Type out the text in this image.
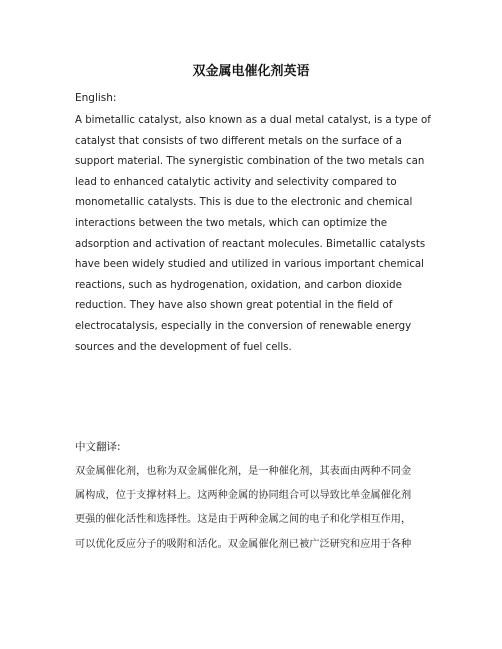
双金属电催化剂英语
English:
A bimetallic catalyst, also known as a dual metal catalyst, is a type of
catalyst that consists of two different metals on the surface of a
support material. The synergistic combination of the two metals can
lead to enhanced catalytic activity and selectivity compared to
monometallic catalysts. This is due to the electronic and chemical
interactions between the two metals, which can optimize the
adsorption and activation of reactant molecules. Bimetallic catalysts
have been widely studied and utilized in various important chemical
reactions, such as hydrogenation, oxidation, and carbon dioxide
reduction. They have also shown great potential in the field of
electrocatalysis, especially in the conversion of renewable energy
sources and the development of fuel cells.
中文翻译:
双金属催化剂，也称为双金属催化剂，是一种催化剂，其表面由两种不同金
属构成，位于支撑材料上。这两种金属的协同组合可以导致比单金属催化剂
更强的催化活性和选择性。这是由于两种金属之间的电子和化学相互作用，
可以优化反应分子的吸附和活化。双金属催化剂已被广泛研究和应用于各种
